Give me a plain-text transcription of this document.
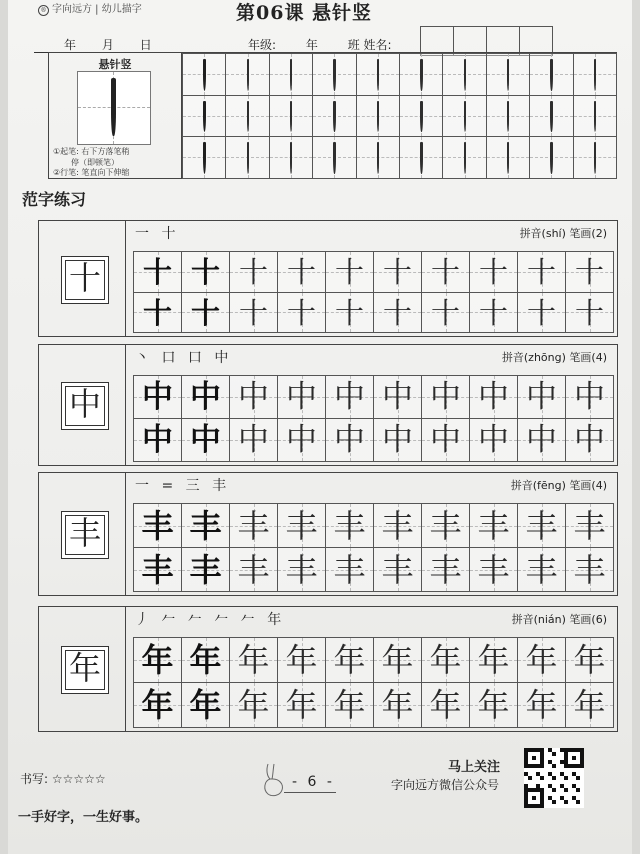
® 字向远方 | 幼儿描字	第06课 悬针竖
年 月 日	年级: 年 班 姓名:
悬针竖
①起笔: 右下方落笔稍
停（即顿笔）
②行笔: 笔直向下伸缩
范字练习
十
一 十	拼音(shí) 笔画(2)
十 十 十 十 十 十 十 十 十 十
十 十 十 十 十 十 十 十 十 十
中
丶 口 口 中	拼音(zhōng) 笔画(4)
中 中 中 中 中 中 中 中 中 中
中 中 中 中 中 中 中 中 中 中
丰
一 = 三 丰	拼音(fēng) 笔画(4)
丰 丰 丰 丰 丰 丰 丰 丰 丰 丰
丰 丰 丰 丰 丰 丰 丰 丰 丰 丰
年
丿 𠂉 𠂉 𠂉 𠂉 年	拼音(nián) 笔画(6)
年 年 年 年 年 年 年 年 年 年
年 年 年 年 年 年 年 年 年 年
书写: ☆☆☆☆☆	- 6 -
马上关注
字向远方微信公众号
一手好字，一生好事。
